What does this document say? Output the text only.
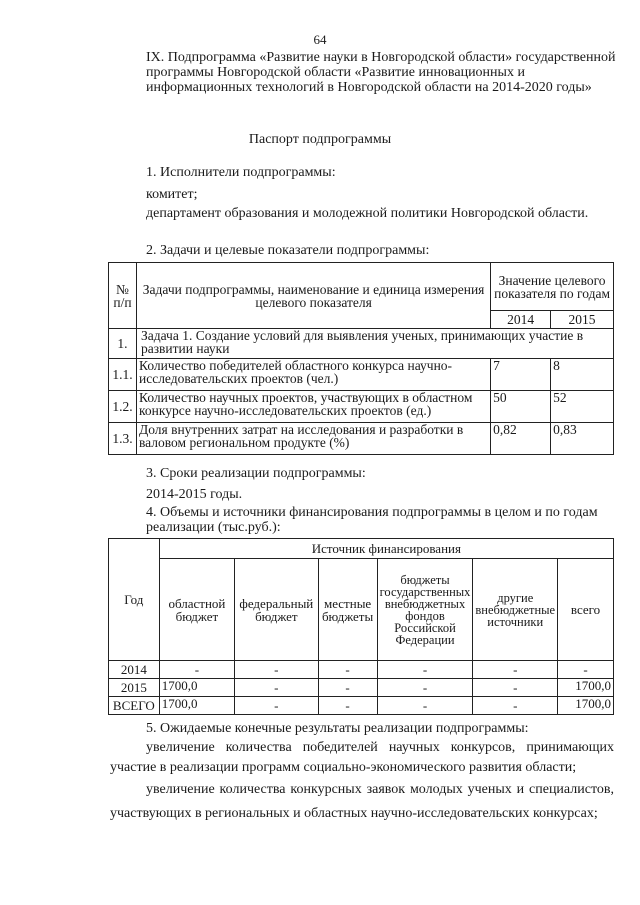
64
IX. Подпрограмма «Развитие науки в Новгородской области» государственной программы Новгородской области «Развитие инновационных и информационных технологий в Новгородской области на 2014-2020 годы»
Паспорт подпрограммы
1. Исполнители подпрограммы:
комитет;
департамент образования и молодежной политики Новгородской области.
2. Задачи и целевые показатели подпрограммы:
№ п/п	Задачи подпрограммы, наименование и единица измерения целевого показателя	Значение целевого показателя по годам	
		2014	2015
1.	Задача 1. Создание условий для выявления ученых, принимающих участие в развитии науки		
1.1.	Количество победителей областного конкурса научно-исследовательских проектов (чел.)	7	8
1.2.	Количество научных проектов, участвующих в областном конкурсе научно-исследовательских проектов (ед.)	50	52
1.3.	Доля внутренних затрат на исследования и разработки в валовом региональном продукте (%)	0,82	0,83
3. Сроки реализации подпрограммы:
2014-2015 годы.
4. Объемы и источники финансирования подпрограммы в целом и по годам реализации (тыс.руб.):
Год	Источник финансирования					
	областной бюджет	федеральный бюджет	местные бюджеты	бюджеты государственных внебюджетных фондов Российской Федерации	другие внебюджетные источники	всего
2014	-	-	-	-	-	-
2015	1700,0	-	-	-	-	1700,0
ВСЕГО	1700,0	-	-	-	-	1700,0
5. Ожидаемые конечные результаты реализации подпрограммы:
увеличение количества победителей научных конкурсов, принимающих участие в реализации программ социально-экономического развития области;
увеличение количества конкурсных заявок молодых ученых и специалистов, участвующих в региональных и областных научно-исследовательских конкурсах;
